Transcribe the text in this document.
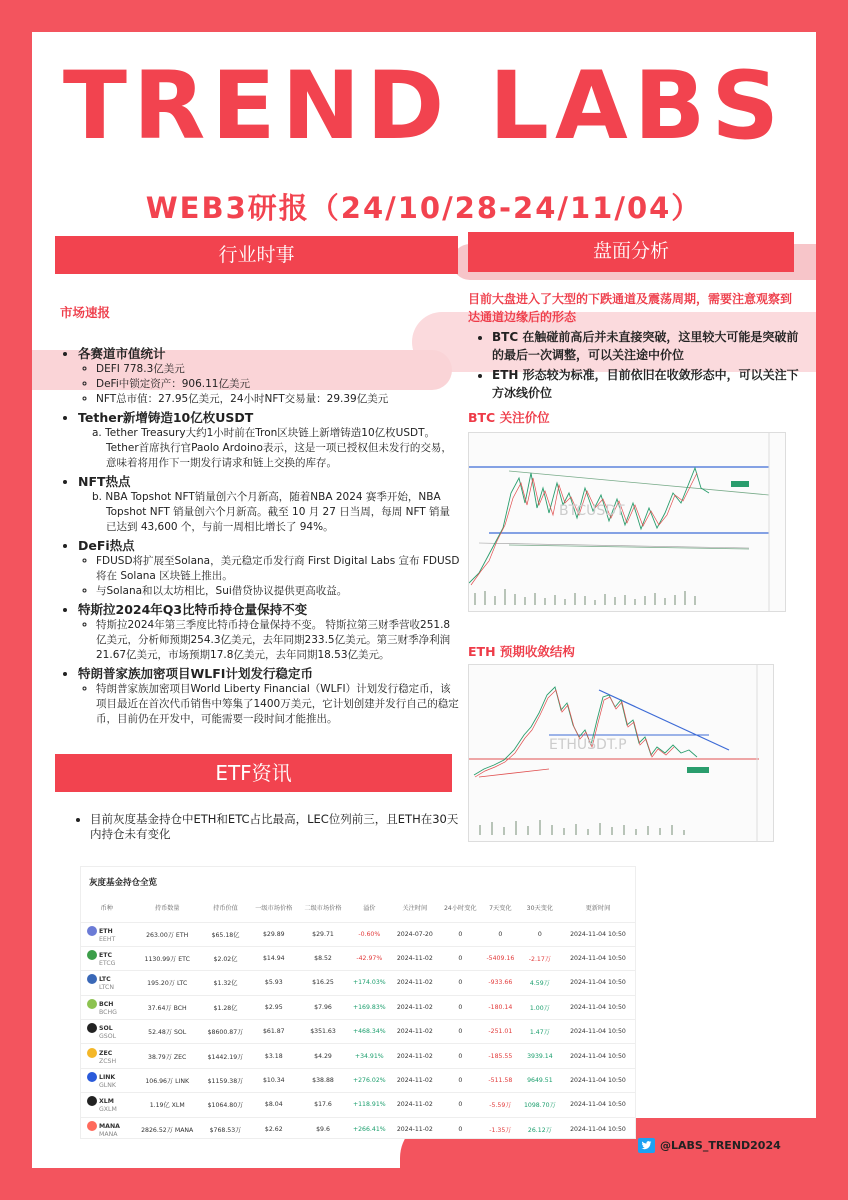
TREND LABS
WEB3研报（24/10/28-24/11/04）
行业时事	盘面分析
市场速报
• 各赛道市值统计
◦ DEFI 778.3亿美元
◦ DeFi中锁定资产：906.11亿美元
◦ NFT总市值：27.95亿美元，24小时NFT交易量：29.39亿美元
• Tether新增铸造10亿枚USDT
a. Tether Treasury大约1小时前在Tron区块链上新增铸造10亿枚USDT。 Tether首席执行官Paolo Ardoino表示，这是一项已授权但未发行的交易，意味着将用作下一期发行请求和链上交换的库存。
• NFT热点
b. NBA Topshot NFT销量创六个月新高，随着NBA 2024 赛季开始，NBA Topshot NFT 销量创六个月新高。截至 10 月 27 日当周，每周 NFT 销量已达到 43,600 个，与前一周相比增长了 94%。
• DeFi热点
◦ FDUSD将扩展至Solana，美元稳定币发行商 First Digital Labs 宣布 FDUSD 将在 Solana 区块链上推出。
◦ 与Solana和以太坊相比，Sui借贷协议提供更高收益。
• 特斯拉2024年Q3比特币持仓量保持不变
◦ 特斯拉2024年第三季度比特币持仓量保持不变。 特斯拉第三财季营收251.8亿美元，分析师预期254.3亿美元，去年同期233.5亿美元。第三财季净利润21.67亿美元，市场预期17.8亿美元，去年同期18.53亿美元。
• 特朗普家族加密项目WLFI计划发行稳定币
◦ 特朗普家族加密项目World Liberty Financial（WLFI）计划发行稳定币，该项目最近在首次代币销售中筹集了1400万美元，它计划创建并发行自己的稳定币，目前仍在开发中，可能需要一段时间才能推出。
目前大盘进入了大型的下跌通道及震荡周期，需要注意观察到达通道边缘后的形态
• BTC 在触碰前高后并未直接突破，这里较大可能是突破前的最后一次调整，可以关注途中价位
• ETH 形态较为标准，目前依旧在收敛形态中，可以关注下方冰线价位
BTC 关注价位
BTCUSDT
ETH 预期收敛结构
ETHUSDT.P
ETF资讯
• 目前灰度基金持仓中ETH和ETC占比最高，LEC位列前三，且ETH在30天内持仓未有变化
灰度基金持仓全览
币种	持币数量	持币价值	一级市场价格	二级市场价格	溢价	关注时间	24小时变化	7天变化	30天变化	更新时间
ETH
EEHT	263.00万 ETH	$65.18亿	$29.89	$29.71	-0.60%	2024-07-20	0	0	0	2024-11-04 10:50
ETC
ETCG	1130.99万 ETC	$2.02亿	$14.94	$8.52	-42.97%	2024-11-02	0	-5409.16	-2.17万	2024-11-04 10:50
LTC
LTCN	195.20万 LTC	$1.32亿	$5.93	$16.25	+174.03%	2024-11-02	0	-933.66	4.59万	2024-11-04 10:50
BCH
BCHG	37.64万 BCH	$1.28亿	$2.95	$7.96	+169.83%	2024-11-02	0	-180.14	1.00万	2024-11-04 10:50
SOL
GSOL	52.48万 SOL	$8600.87万	$61.87	$351.63	+468.34%	2024-11-02	0	-251.01	1.47万	2024-11-04 10:50
ZEC
ZCSH	38.79万 ZEC	$1442.19万	$3.18	$4.29	+34.91%	2024-11-02	0	-185.55	3939.14	2024-11-04 10:50
LINK
GLNK	106.96万 LINK	$1159.38万	$10.34	$38.88	+276.02%	2024-11-02	0	-511.58	9649.51	2024-11-04 10:50
XLM
GXLM	1.19亿 XLM	$1064.80万	$8.04	$17.6	+118.91%	2024-11-02	0	-5.59万	1098.70万	2024-11-04 10:50
MANA
MANA	2826.52万 MANA	$768.53万	$2.62	$9.6	+266.41%	2024-11-02	0	-1.35万	26.12万	2024-11-04 10:50
@LABS_TREND2024
